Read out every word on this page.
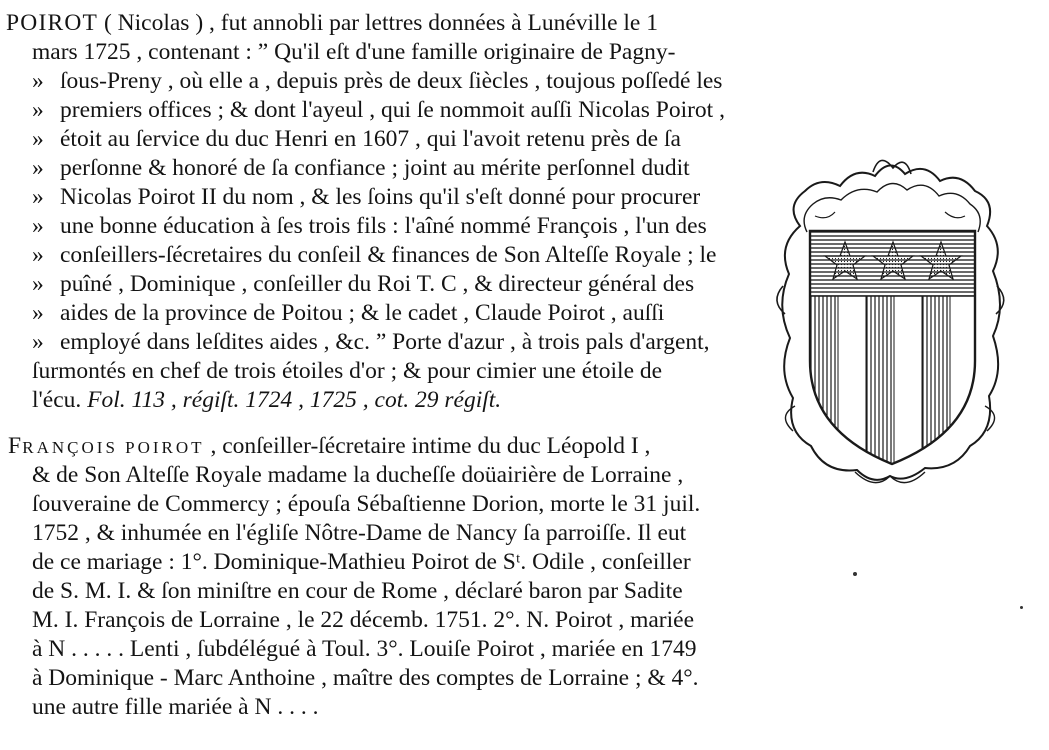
POIROT ( Nicolas ) , fut annobli par lettres données à Lunéville le 1
mars 1725 , contenant : ” Qu'il eſt d'une famille originaire de Pagny-
» ſous-Preny , où elle a , depuis près de deux ſiècles , toujous poſſedé les
» premiers offices ; & dont l'ayeul , qui ſe nommoit auſſi Nicolas Poirot ,
» étoit au ſervice du duc Henri en 1607 , qui l'avoit retenu près de ſa
» perſonne & honoré de ſa confiance ; joint au mérite perſonnel dudit
» Nicolas Poirot II du nom , & les ſoins qu'il s'eſt donné pour procurer
» une bonne éducation à ſes trois fils : l'aîné nommé François , l'un des
» conſeillers-ſécretaires du conſeil & finances de Son Alteſſe Royale ; le
» puîné , Dominique , conſeiller du Roi T. C , & directeur général des
» aides de la province de Poitou ; & le cadet , Claude Poirot , auſſi
» employé dans leſdites aides , &c. ” Porte d'azur , à trois pals d'argent,
ſurmontés en chef de trois étoiles d'or ; & pour cimier une étoile de
l'écu. Fol. 113 , régiſt. 1724 , 1725 , cot. 29 régiſt.
FRANÇOIS POIROT , conſeiller-ſécretaire intime du duc Léopold I ,
& de Son Alteſſe Royale madame la ducheſſe doüairière de Lorraine ,
ſouveraine de Commercy ; épouſa Sébaſtienne Dorion, morte le 31 juil.
1752 , & inhumée en l'égliſe Nôtre-Dame de Nancy ſa parroiſſe. Il eut
de ce mariage : 1°. Dominique-Mathieu Poirot de Sᵗ. Odile , conſeiller
de S. M. I. & ſon miniſtre en cour de Rome , déclaré baron par Sadite
M. I. François de Lorraine , le 22 décemb. 1751. 2°. N. Poirot , mariée
à N . . . . . Lenti , ſubdélégué à Toul. 3°. Louiſe Poirot , mariée en 1749
à Dominique - Marc Anthoine , maître des comptes de Lorraine ; & 4°.
une autre fille mariée à N . . . .
